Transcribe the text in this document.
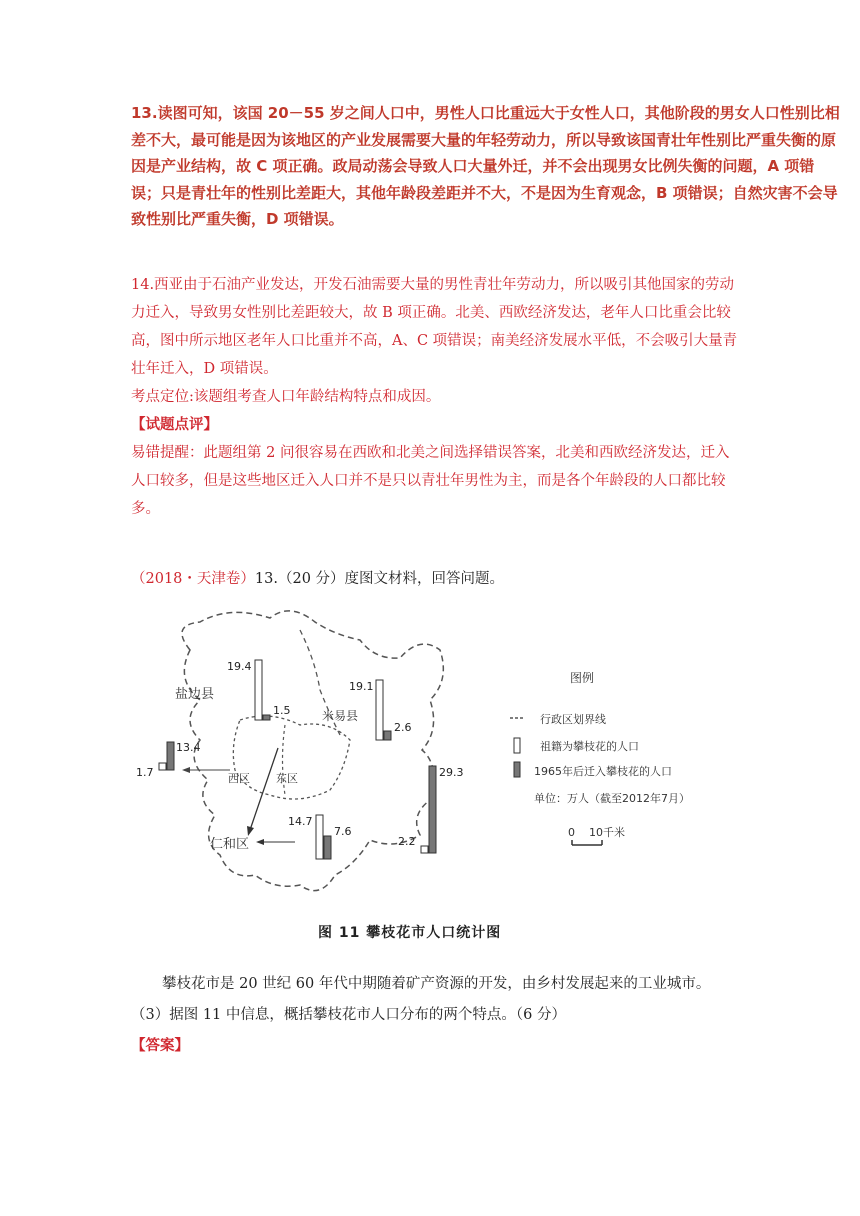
13.读图可知，该国 20－55 岁之间人口中，男性人口比重远大于女性人口，其他阶段的男女人口性别比相差不大，最可能是因为该地区的产业发展需要大量的年轻劳动力，所以导致该国青壮年性别比严重失衡的原因是产业结构，故 C 项正确。政局动荡会导致人口大量外迁，并不会出现男女比例失衡的问题，A 项错误；只是青壮年的性别比差距大，其他年龄段差距并不大，不是因为生育观念，B 项错误；自然灾害不会导致性别比严重失衡，D 项错误。

14.西亚由于石油产业发达，开发石油需要大量的男性青壮年劳动力，所以吸引其他国家的劳动力迁入，导致男女性别比差距较大，故 B 项正确。北美、西欧经济发达，老年人口比重会比较高，图中所示地区老年人口比重并不高，A、C 项错误；南美经济发展水平低，不会吸引大量青壮年迁入，D 项错误。

考点定位:该题组考查人口年龄结构特点和成因。

【试题点评】

易错提醒：此题组第 2 问很容易在西欧和北美之间选择错误答案，北美和西欧经济发达，迁入人口较多，但是这些地区迁入人口并不是只以青壮年男性为主，而是各个年龄段的人口都比较多。

（2018・天津卷）13.（20 分）度图文材料，回答问题。
盐边县
米易县
西区 东区
仁和区
19.4
1.5
19.1
2.6
1.7
13.4
14.7
7.6
2.2
29.3
图例
行政区划界线
祖籍为攀枝花的人口
1965年后迁入攀枝花的人口
单位：万人（截至2012年7月）
0    10千米
图 11 攀枝花市人口统计图
攀枝花市是 20 世纪 60 年代中期随着矿产资源的开发，由乡村发展起来的工业城市。
（3）据图 11 中信息，概括攀枝花市人口分布的两个特点。（6 分）
【答案】
